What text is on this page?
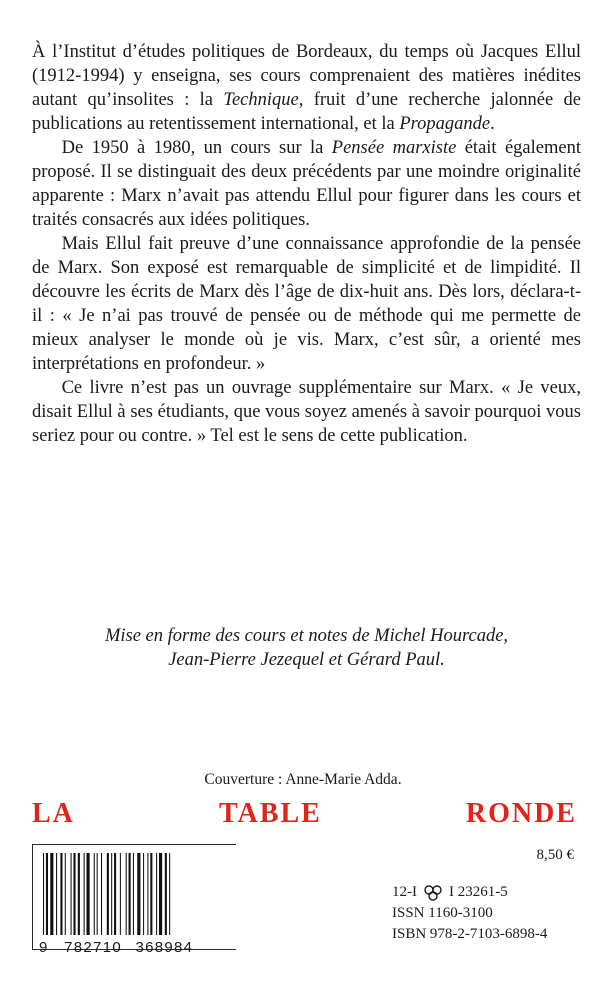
À l’Institut d’études politiques de Bordeaux, du temps où Jacques Ellul (1912-1994) y enseigna, ses cours comprenaient des matières inédites autant qu’insolites : la Technique, fruit d’une recherche jalonnée de publications au retentissement international, et la Propagande.

De 1950 à 1980, un cours sur la Pensée marxiste était également proposé. Il se distinguait des deux précédents par une moindre originalité apparente : Marx n’avait pas attendu Ellul pour figurer dans les cours et traités consacrés aux idées politiques.

Mais Ellul fait preuve d’une connaissance approfondie de la pensée de Marx. Son exposé est remarquable de simplicité et de limpidité. Il découvre les écrits de Marx dès l’âge de dix-huit ans. Dès lors, déclara-t-il : « Je n’ai pas trouvé de pensée ou de méthode qui me permette de mieux analyser le monde où je vis. Marx, c’est sûr, a orienté mes interprétations en profondeur. »

Ce livre n’est pas un ouvrage supplémentaire sur Marx. « Je veux, disait Ellul à ses étudiants, que vous soyez amenés à savoir pourquoi vous seriez pour ou contre. » Tel est le sens de cette publication.

Mise en forme des cours et notes de Michel Hourcade,
Jean-Pierre Jezequel et Gérard Paul.
Couverture : Anne-Marie Adda.
LA	TABLE	RONDE
9 782710 368984
8,50 €
12-I I 23261-5
ISSN 1160-3100
ISBN 978-2-7103-6898-4
